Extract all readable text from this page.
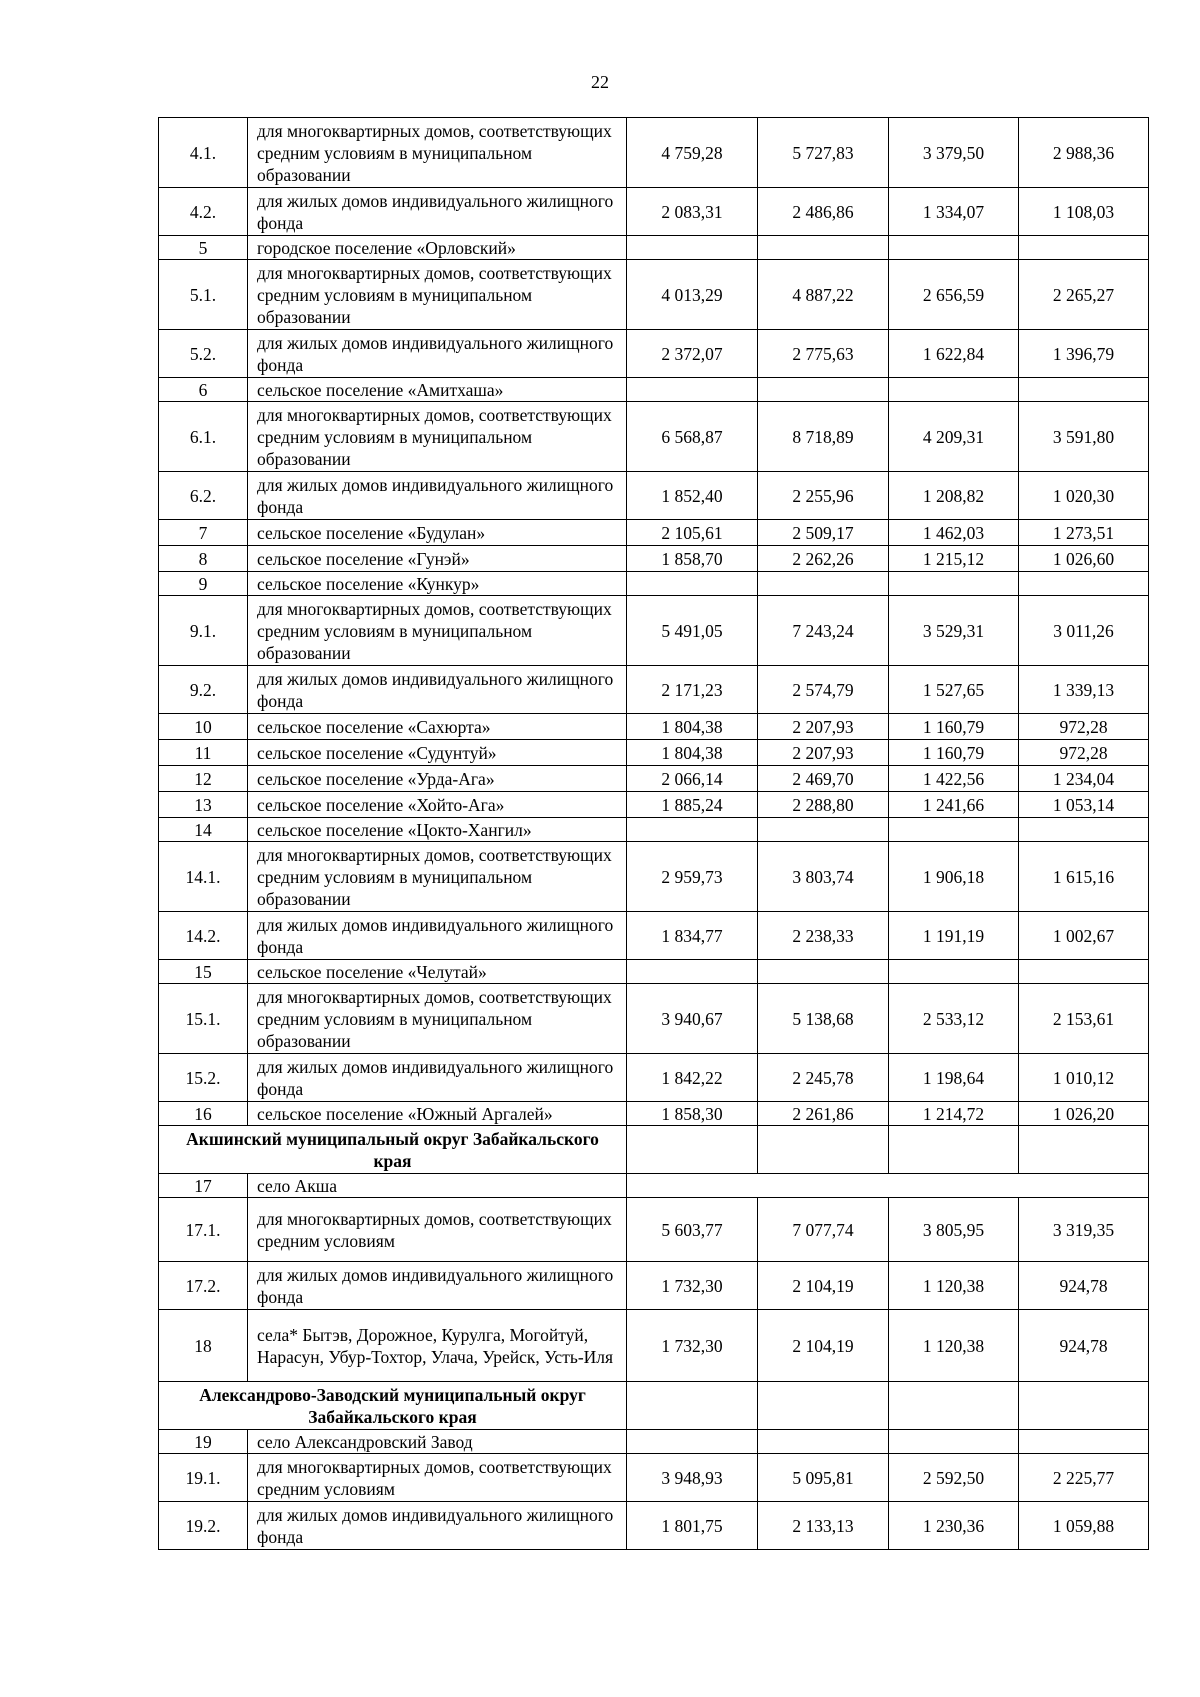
22
4.1.	для многоквартирных домов, соответствующих средним условиям в муниципальном образовании	4 759,28	5 727,83	3 379,50	2 988,36
4.2.	для жилых домов индивидуального жилищного фонда	2 083,31	2 486,86	1 334,07	1 108,03
5	городское поселение «Орловский»				
5.1.	для многоквартирных домов, соответствующих средним условиям в муниципальном образовании	4 013,29	4 887,22	2 656,59	2 265,27
5.2.	для жилых домов индивидуального жилищного фонда	2 372,07	2 775,63	1 622,84	1 396,79
6	сельское поселение «Амитхаша»				
6.1.	для многоквартирных домов, соответствующих средним условиям в муниципальном образовании	6 568,87	8 718,89	4 209,31	3 591,80
6.2.	для жилых домов индивидуального жилищного фонда	1 852,40	2 255,96	1 208,82	1 020,30
7	сельское поселение «Будулан»	2 105,61	2 509,17	1 462,03	1 273,51
8	сельское поселение «Гунэй»	1 858,70	2 262,26	1 215,12	1 026,60
9	сельское поселение «Кункур»				
9.1.	для многоквартирных домов, соответствующих средним условиям в муниципальном образовании	5 491,05	7 243,24	3 529,31	3 011,26
9.2.	для жилых домов индивидуального жилищного фонда	2 171,23	2 574,79	1 527,65	1 339,13
10	сельское поселение «Сахюрта»	1 804,38	2 207,93	1 160,79	972,28
11	сельское поселение «Судунтуй»	1 804,38	2 207,93	1 160,79	972,28
12	сельское поселение «Урда-Ага»	2 066,14	2 469,70	1 422,56	1 234,04
13	сельское поселение «Хойто-Ага»	1 885,24	2 288,80	1 241,66	1 053,14
14	сельское поселение «Цокто-Хангил»				
14.1.	для многоквартирных домов, соответствующих средним условиям в муниципальном образовании	2 959,73	3 803,74	1 906,18	1 615,16
14.2.	для жилых домов индивидуального жилищного фонда	1 834,77	2 238,33	1 191,19	1 002,67
15	сельское поселение «Челутай»				
15.1.	для многоквартирных домов, соответствующих средним условиям в муниципальном образовании	3 940,67	5 138,68	2 533,12	2 153,61
15.2.	для жилых домов индивидуального жилищного фонда	1 842,22	2 245,78	1 198,64	1 010,12
16	сельское поселение «Южный Аргалей»	1 858,30	2 261,86	1 214,72	1 026,20
Акшинский муниципальный округ Забайкальского края					
17	село Акша				
17.1.	для многоквартирных домов, соответствующих средним условиям	5 603,77	7 077,74	3 805,95	3 319,35
17.2.	для жилых домов индивидуального жилищного фонда	1 732,30	2 104,19	1 120,38	924,78
18	села* Бытэв, Дорожное, Курулга, Могойтуй, Нарасун, Убур-Тохтор, Улача, Урейск, Усть-Иля	1 732,30	2 104,19	1 120,38	924,78
Александрово-Заводский муниципальный округ Забайкальского края					
19	село Александровский Завод				
19.1.	для многоквартирных домов, соответствующих средним условиям	3 948,93	5 095,81	2 592,50	2 225,77
19.2.	для жилых домов индивидуального жилищного фонда	1 801,75	2 133,13	1 230,36	1 059,88
